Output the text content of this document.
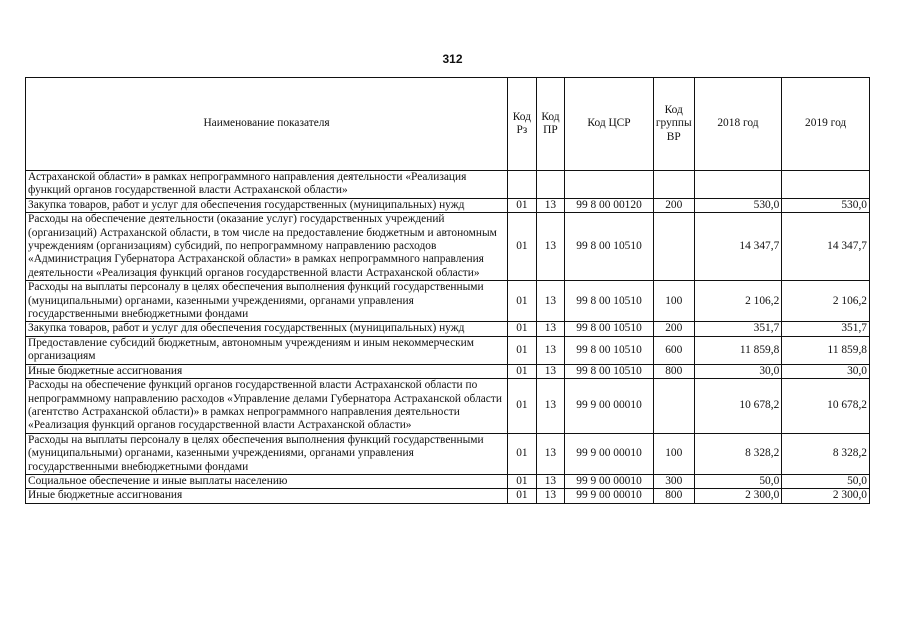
312
Наименование показателя	Код Рз	Код ПР	Код ЦСР	Код группы ВР	2018 год	2019 год
Астраханской области» в рамках непрограммного направления деятельности «Реализация функций органов государственной власти Астраханской области»						
Закупка товаров, работ и услуг для обеспечения государственных (муниципальных) нужд	01	13	99 8 00 00120	200	530,0	530,0
Расходы на обеспечение деятельности (оказание услуг) государственных учреждений (организаций) Астраханской области, в том числе на предоставление бюджетным и автономным учреждениям (организациям) субсидий, по непрограммному направлению расходов «Администрация Губернатора Астраханской области» в рамках непрограммного направления деятельности «Реализация функций органов государственной власти Астраханской области»	01	13	99 8 00 10510		14 347,7	14 347,7
Расходы на выплаты персоналу в целях обеспечения выполнения функций государственными (муниципальными) органами, казенными учреждениями, органами управления государственными внебюджетными фондами	01	13	99 8 00 10510	100	2 106,2	2 106,2
Закупка товаров, работ и услуг для обеспечения государственных (муниципальных) нужд	01	13	99 8 00 10510	200	351,7	351,7
Предоставление субсидий бюджетным, автономным учреждениям и иным некоммерческим организациям	01	13	99 8 00 10510	600	11 859,8	11 859,8
Иные бюджетные ассигнования	01	13	99 8 00 10510	800	30,0	30,0
Расходы на обеспечение функций органов государственной власти Астраханской области по непрограммному направлению расходов «Управление делами Губернатора Астраханской области (агентство Астраханской области)» в рамках непрограммного направления деятельности «Реализация функций органов государственной власти Астраханской области»	01	13	99 9 00 00010		10 678,2	10 678,2
Расходы на выплаты персоналу в целях обеспечения выполнения функций государственными (муниципальными) органами, казенными учреждениями, органами управления государственными внебюджетными фондами	01	13	99 9 00 00010	100	8 328,2	8 328,2
Социальное обеспечение и иные выплаты населению	01	13	99 9 00 00010	300	50,0	50,0
Иные бюджетные ассигнования	01	13	99 9 00 00010	800	2 300,0	2 300,0
